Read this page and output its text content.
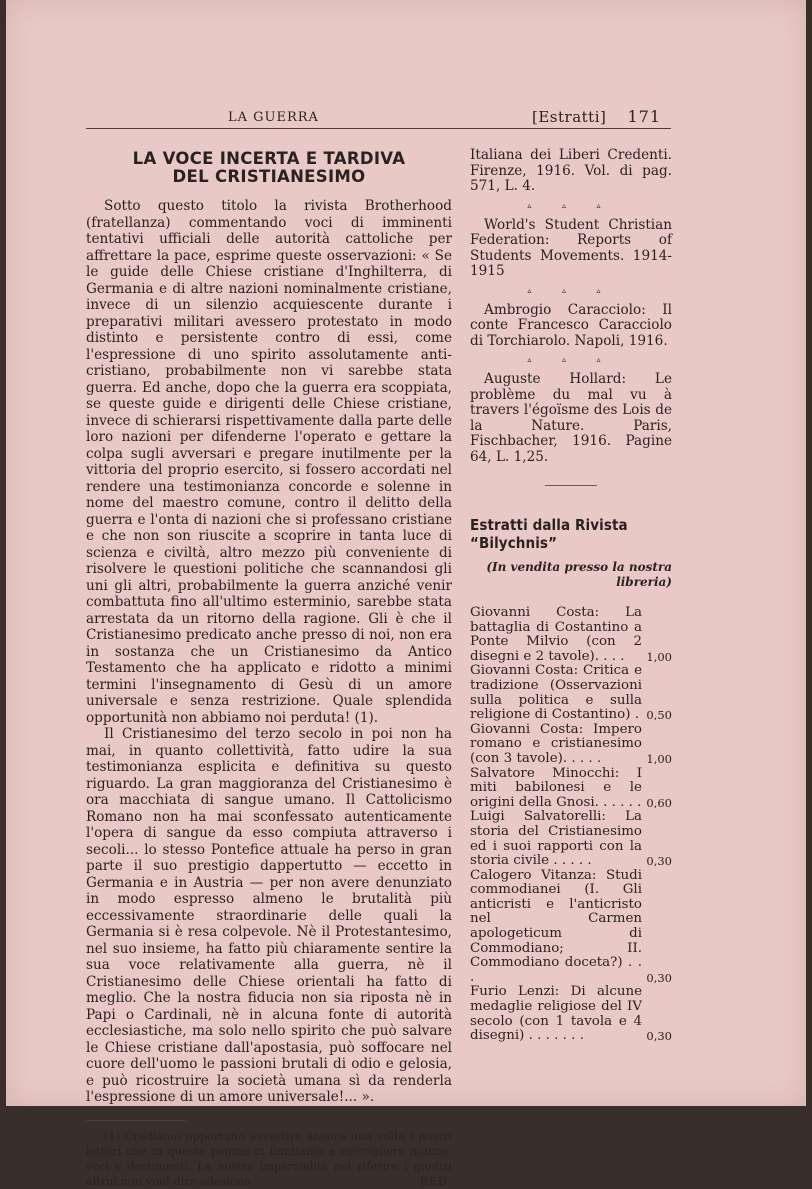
LA GUERRA	[Estratti] 171
LA VOCE INCERTA E TARDIVA
DEL CRISTIANESIMO

Sotto questo titolo la rivista Brotherhood (fratellanza) commentando voci di imminenti tentativi ufficiali delle autorità cattoliche per affrettare la pace, esprime queste osservazioni: « Se le guide delle Chiese cristiane d'Inghilterra, di Germania e di altre nazioni nominalmente cristiane, invece di un silenzio acquiescente durante i preparativi militari avessero protestato in modo distinto e persistente contro di essi, come l'espressione di uno spirito assolutamente anti-cristiano, probabilmente non vi sarebbe stata guerra. Ed anche, dopo che la guerra era scoppiata, se queste guide e dirigenti delle Chiese cristiane, invece di schierarsi rispettivamente dalla parte delle loro nazioni per difenderne l'operato e gettare la colpa sugli avversari e pregare inutilmente per la vittoria del proprio esercito, si fossero accordati nel rendere una testimonianza concorde e solenne in nome del maestro comune, contro il delitto della guerra e l'onta di nazioni che si professano cristiane e che non son riuscite a scoprire in tanta luce di scienza e civiltà, altro mezzo più conveniente di risolvere le questioni politiche che scannandosi gli uni gli altri, probabilmente la guerra anziché venir combattuta fino all'ultimo esterminio, sarebbe stata arrestata da un ritorno della ragione. Gli è che il Cristianesimo predicato anche presso di noi, non era in sostanza che un Cristianesimo da Antico Testamento che ha applicato e ridotto a minimi termini l'insegnamento di Gesù di un amore universale e senza restrizione. Quale splendida opportunità non abbiamo noi perduta! (1).

Il Cristianesimo del terzo secolo in poi non ha mai, in quanto collettività, fatto udire la sua testimonianza esplicita e definitiva su questo riguardo. La gran maggioranza del Cristianesimo è ora macchiata di sangue umano. Il Cattolicismo Romano non ha mai sconfessato autenticamente l'opera di sangue da esso compiuta attraverso i secoli... lo stesso Pontefice attuale ha perso in gran parte il suo prestigio dappertutto — eccetto in Germania e in Austria — per non avere denunziato in modo espresso almeno le brutalità più eccessivamente straordinarie delle quali la Germania si è resa colpevole. Nè il Protestantesimo, nel suo insieme, ha fatto più chiaramente sentire la sua voce relativamente alla guerra, nè il Cristianesimo delle Chiese orientali ha fatto di meglio. Che la nostra fiducia non sia riposta nè in Papi o Cardinali, nè in alcuna fonte di autorità ecclesiastiche, ma solo nello spirito che può salvare le Chiese cristiane dall'apostasia, può soffocare nel cuore dell'uomo le passioni brutali di odio e gelosia, e può ricostruire la società umana sì da renderla l'espressione di un amore universale!... ».

(1) Crediamo opportuno avvertire ancora una volta i nostri lettori che in queste pagine ci limitiamo a raccogliere notizie, voci e documenti. La nostra imparzialità nel riferire i giudizi altrui non vuol dire adesione.	RED.

Italiana dei Liberi Credenti. Firenze, 1916. Vol. di pag. 571, L. 4.

▵ ▵ ▵

World's Student Christian Federation: Reports of Students Movements. 1914-1915

▵ ▵ ▵

Ambrogio Caracciolo: Il conte Francesco Caracciolo di Torchiarolo. Napoli, 1916.

▵ ▵ ▵

Auguste Hollard: Le problème du mal vu à travers l'égoïsme des Lois de la Nature. Paris, Fischbacher, 1916. Pagine 64, L. 1,25.

Estratti dalla Rivista “Bilychnis”
(In vendita presso la nostra libreria)
Giovanni Costa: La battaglia di Costantino a Ponte Milvio (con 2 disegni e 2 tavole). . . .	1,00
Giovanni Costa: Critica e tradizione (Osservazioni sulla politica e sulla religione di Costantino) . 0,50
Giovanni Costa: Impero romano e cristianesimo (con 3 tavole). . . . .	1,00
Salvatore Minocchi: I miti babilonesi e le origini della Gnosi. . . . . . 0,60
Luigi Salvatorelli: La storia del Cristianesimo ed i suoi rapporti con la storia civile . . . . .	0,30
Calogero Vitanza: Studi commodianei (I. Gli anticristi e l'anticristo nel Carmen apologeticum di Commodiano; II. Commodiano doceta?) . . .	0,30
Furio Lenzi: Di alcune medaglie religiose del IV secolo (con 1 tavola e 4 disegni) . . . . . . .	0,30
